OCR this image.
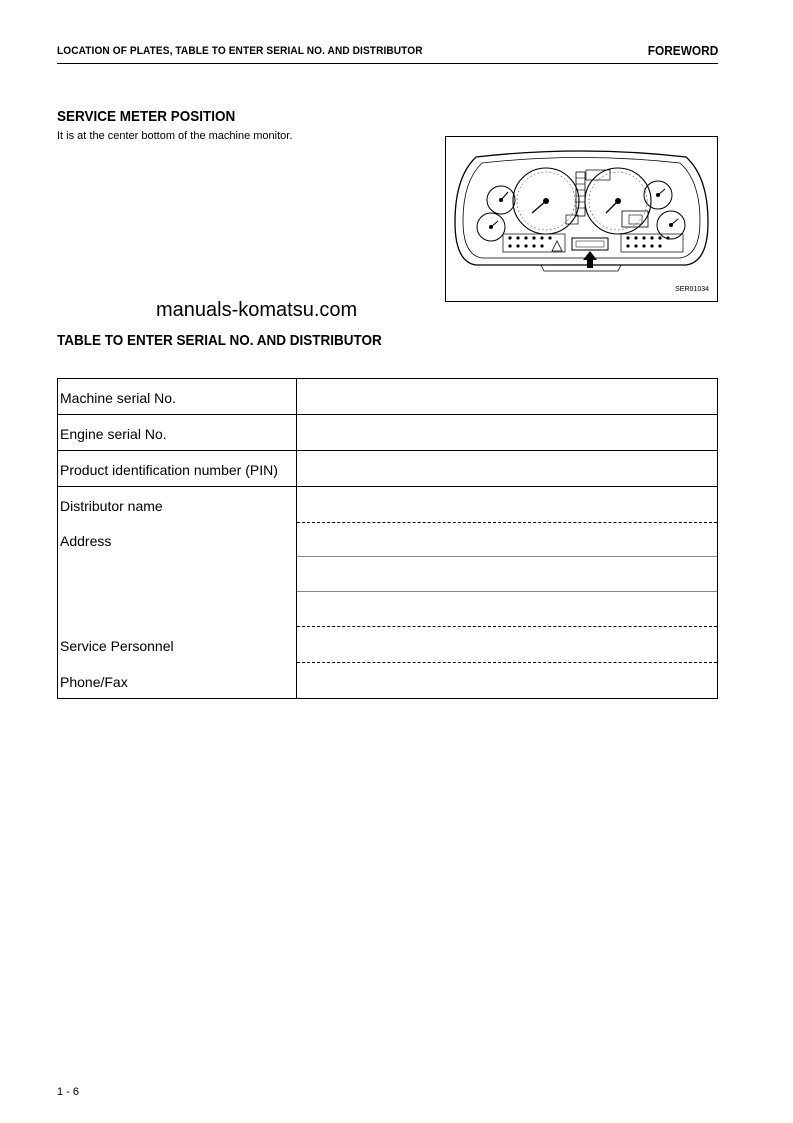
LOCATION OF PLATES, TABLE TO ENTER SERIAL NO. AND DISTRIBUTOR	FOREWORD
SERVICE METER POSITION
It is at the center bottom of the machine monitor.
SER01034
manuals-komatsu.com
TABLE TO ENTER SERIAL NO. AND DISTRIBUTOR
Machine serial No.
Engine serial No.
Product identification number (PIN)
Distributor name
Address
Service Personnel
Phone/Fax
1 - 6
